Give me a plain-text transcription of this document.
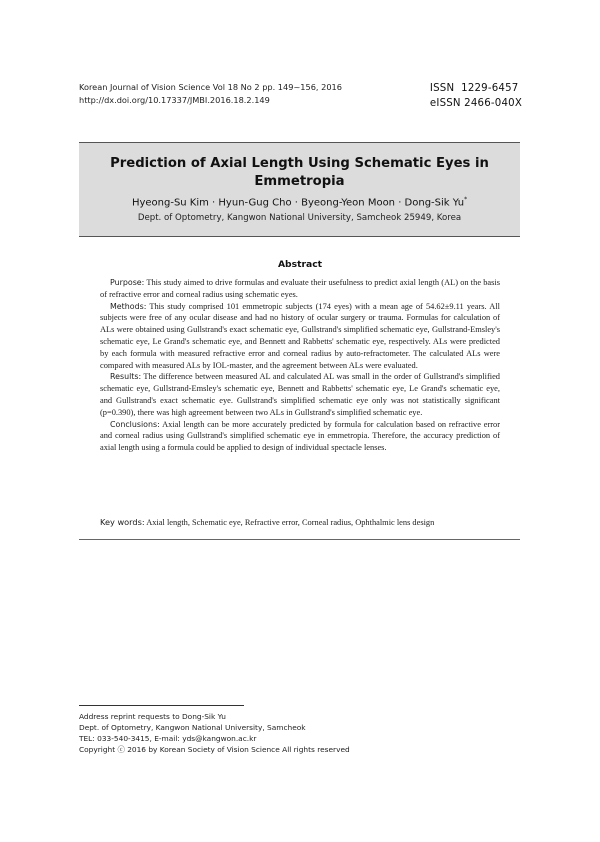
Korean Journal of Vision Science Vol 18 No 2 pp. 149~156, 2016
http://dx.doi.org/10.17337/JMBI.2016.18.2.149
ISSN  1229-6457
eISSN 2466-040X
Prediction of Axial Length Using Schematic Eyes in
Emmetropia
Hyeong-Su Kim · Hyun-Gug Cho · Byeong-Yeon Moon · Dong-Sik Yu*
Dept. of Optometry, Kangwon National University, Samcheok 25949, Korea
Abstract

Purpose: This study aimed to drive formulas and evaluate their usefulness to predict axial length (AL) on the basis of refractive error and corneal radius using schematic eyes.

Methods: This study comprised 101 emmetropic subjects (174 eyes) with a mean age of 54.62±9.11 years. All subjects were free of any ocular disease and had no history of ocular surgery or trauma. Formulas for calculation of ALs were obtained using Gullstrand's exact schematic eye, Gullstrand's simplified schematic eye, Gullstrand-Emsley's schematic eye, Le Grand's schematic eye, and Bennett and Rabbetts' schematic eye, respectively. ALs were predicted by each formula with measured refractive error and corneal radius by auto-refractometer. The calculated ALs were compared with measured ALs by IOL-master, and the agreement between ALs were evaluated.

Results: The difference between measured AL and calculated AL was small in the order of Gullstrand's simplified schematic eye, Gullstrand-Emsley's schematic eye, Bennett and Rabbetts' schematic eye, Le Grand's schematic eye, and Gullstrand's exact schematic eye. Gullstrand's simplified schematic eye only was not statistically significant (p=0.390), there was high agreement between two ALs in Gullstrand's simplified schematic eye.

Conclusions: Axial length can be more accurately predicted by formula for calculation based on refractive error and corneal radius using Gullstrand's simplified schematic eye in emmetropia. Therefore, the accuracy prediction of axial length using a formula could be applied to design of individual spectacle lenses.

Key words: Axial length, Schematic eye, Refractive error, Corneal radius, Ophthalmic lens design
Address reprint requests to Dong-Sik Yu
Dept. of Optometry, Kangwon National University, Samcheok
TEL: 033-540-3415, E-mail: yds@kangwon.ac.kr
Copyright ⓒ 2016 by Korean Society of Vision Science All rights reserved
